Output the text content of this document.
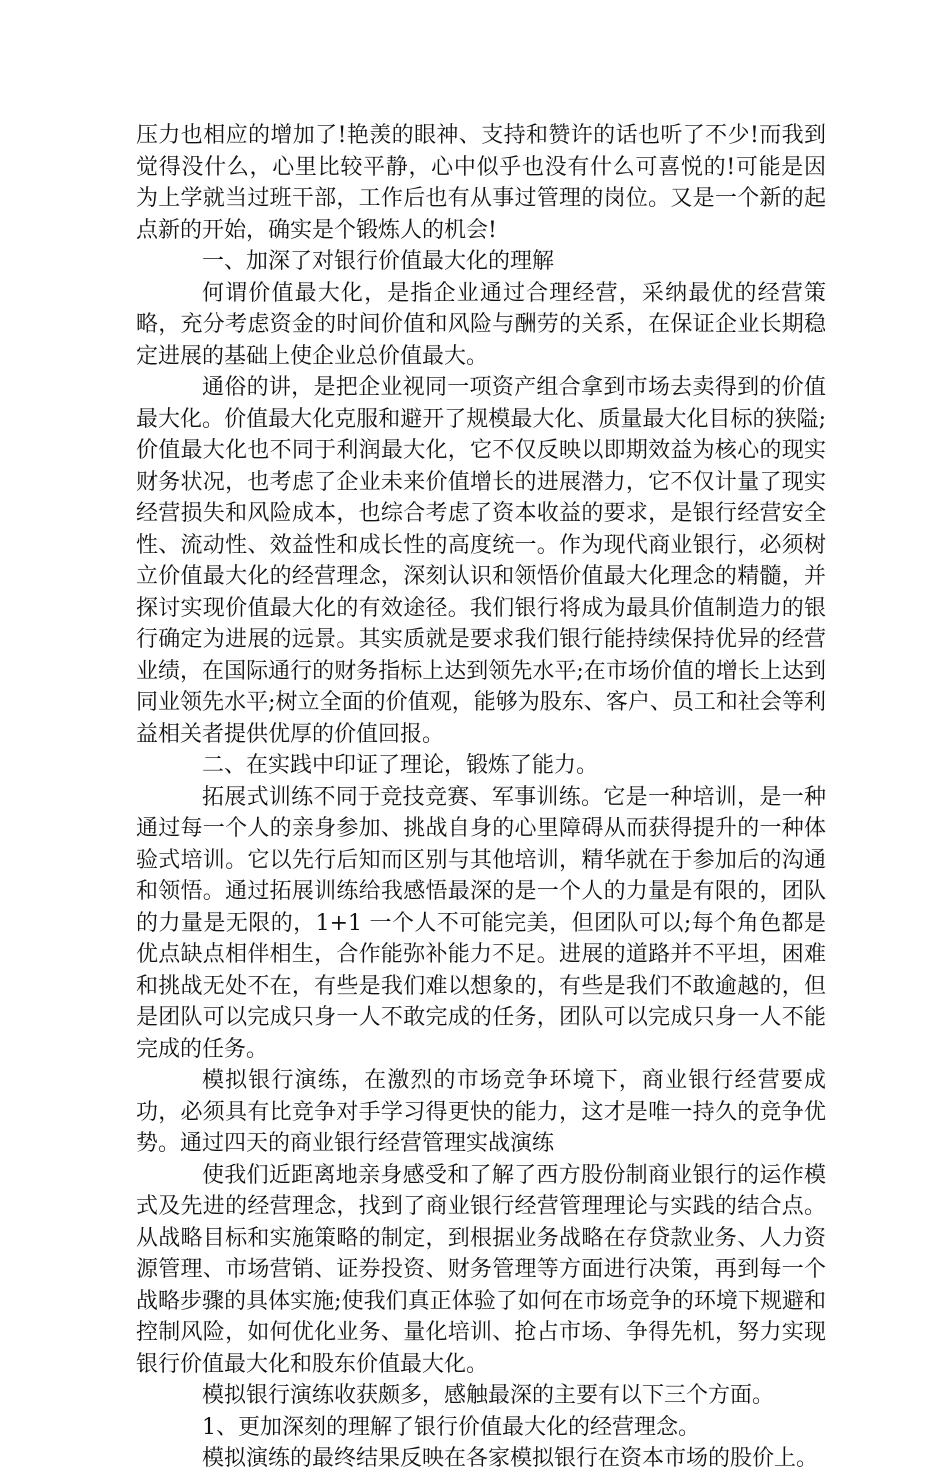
压力也相应的增加了!艳羡的眼神、支持和赞许的话也听了不少!而我到觉得没什么，心里比较平静，心中似乎也没有什么可喜悦的!可能是因为上学就当过班干部，工作后也有从事过管理的岗位。又是一个新的起点新的开始，确实是个锻炼人的机会!

一、加深了对银行价值最大化的理解

何谓价值最大化，是指企业通过合理经营，采纳最优的经营策略，充分考虑资金的时间价值和风险与酬劳的关系，在保证企业长期稳定进展的基础上使企业总价值最大。

通俗的讲，是把企业视同一项资产组合拿到市场去卖得到的价值最大化。价值最大化克服和避开了规模最大化、质量最大化目标的狭隘;价值最大化也不同于利润最大化，它不仅反映以即期效益为核心的现实财务状况，也考虑了企业未来价值增长的进展潜力，它不仅计量了现实经营损失和风险成本，也综合考虑了资本收益的要求，是银行经营安全性、流动性、效益性和成长性的高度统一。作为现代商业银行，必须树立价值最大化的经营理念，深刻认识和领悟价值最大化理念的精髓，并探讨实现价值最大化的有效途径。我们银行将成为最具价值制造力的银行确定为进展的远景。其实质就是要求我们银行能持续保持优异的经营业绩，在国际通行的财务指标上达到领先水平;在市场价值的增长上达到同业领先水平;树立全面的价值观，能够为股东、客户、员工和社会等利益相关者提供优厚的价值回报。

二、在实践中印证了理论，锻炼了能力。

拓展式训练不同于竞技竞赛、军事训练。它是一种培训，是一种通过每一个人的亲身参加、挑战自身的心里障碍从而获得提升的一种体验式培训。它以先行后知而区别与其他培训，精华就在于参加后的沟通和领悟。通过拓展训练给我感悟最深的是一个人的力量是有限的，团队的力量是无限的，1+1 一个人不可能完美，但团队可以;每个角色都是优点缺点相伴相生，合作能弥补能力不足。进展的道路并不平坦，困难和挑战无处不在，有些是我们难以想象的，有些是我们不敢逾越的，但是团队可以完成只身一人不敢完成的任务，团队可以完成只身一人不能完成的任务。

模拟银行演练，在激烈的市场竞争环境下，商业银行经营要成功，必须具有比竞争对手学习得更快的能力，这才是唯一持久的竞争优势。通过四天的商业银行经营管理实战演练

使我们近距离地亲身感受和了解了西方股份制商业银行的运作模式及先进的经营理念，找到了商业银行经营管理理论与实践的结合点。从战略目标和实施策略的制定，到根据业务战略在存贷款业务、人力资源管理、市场营销、证券投资、财务管理等方面进行决策，再到每一个战略步骤的具体实施;使我们真正体验了如何在市场竞争的环境下规避和控制风险，如何优化业务、量化培训、抢占市场、争得先机，努力实现银行价值最大化和股东价值最大化。

模拟银行演练收获颇多，感触最深的主要有以下三个方面。

1、更加深刻的理解了银行价值最大化的经营理念。

模拟演练的最终结果反映在各家模拟银行在资本市场的股价上。
